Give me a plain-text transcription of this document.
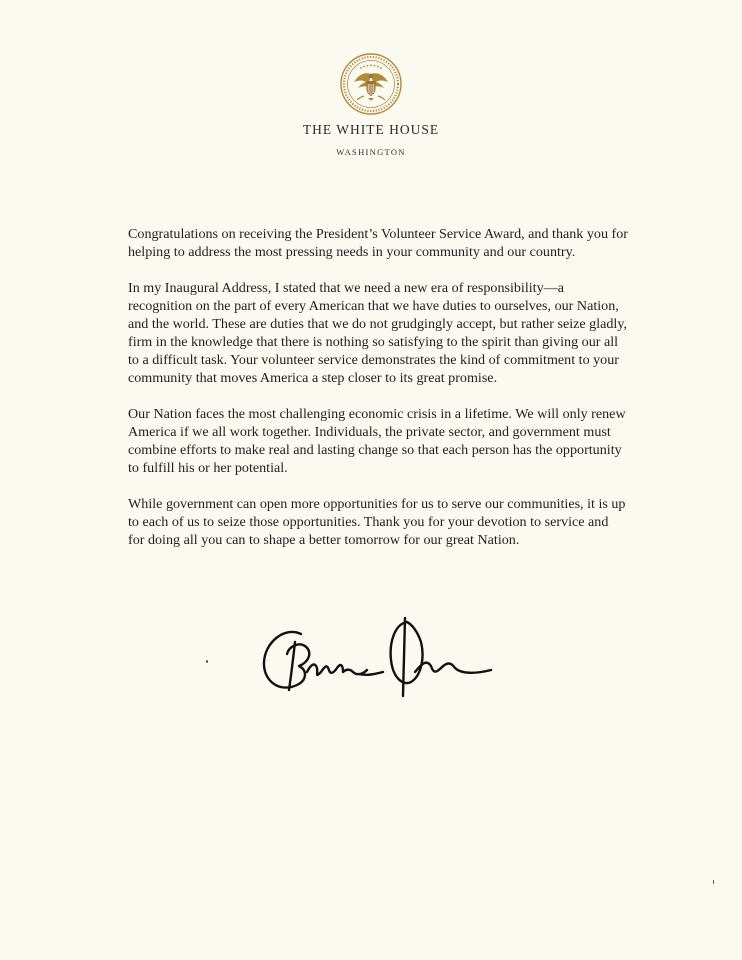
THE WHITE HOUSE
WASHINGTON

Congratulations on receiving the President’s Volunteer Service Award, and thank you for helping to address the most pressing needs in your community and our country.

In my Inaugural Address, I stated that we need a new era of responsibility—a recognition on the part of every American that we have duties to ourselves, our Nation, and the world. These are duties that we do not grudgingly accept, but rather seize gladly, firm in the knowledge that there is nothing so satisfying to the spirit than giving our all to a difficult task. Your volunteer service demonstrates the kind of commitment to your community that moves America a step closer to its great promise.

Our Nation faces the most challenging economic crisis in a lifetime. We will only renew America if we all work together. Individuals, the private sector, and government must combine efforts to make real and lasting change so that each person has the opportunity to fulfill his or her potential.

While government can open more opportunities for us to serve our communities, it is up to each of us to seize those opportunities. Thank you for your devotion to service and for doing all you can to shape a better tomorrow for our great Nation.
